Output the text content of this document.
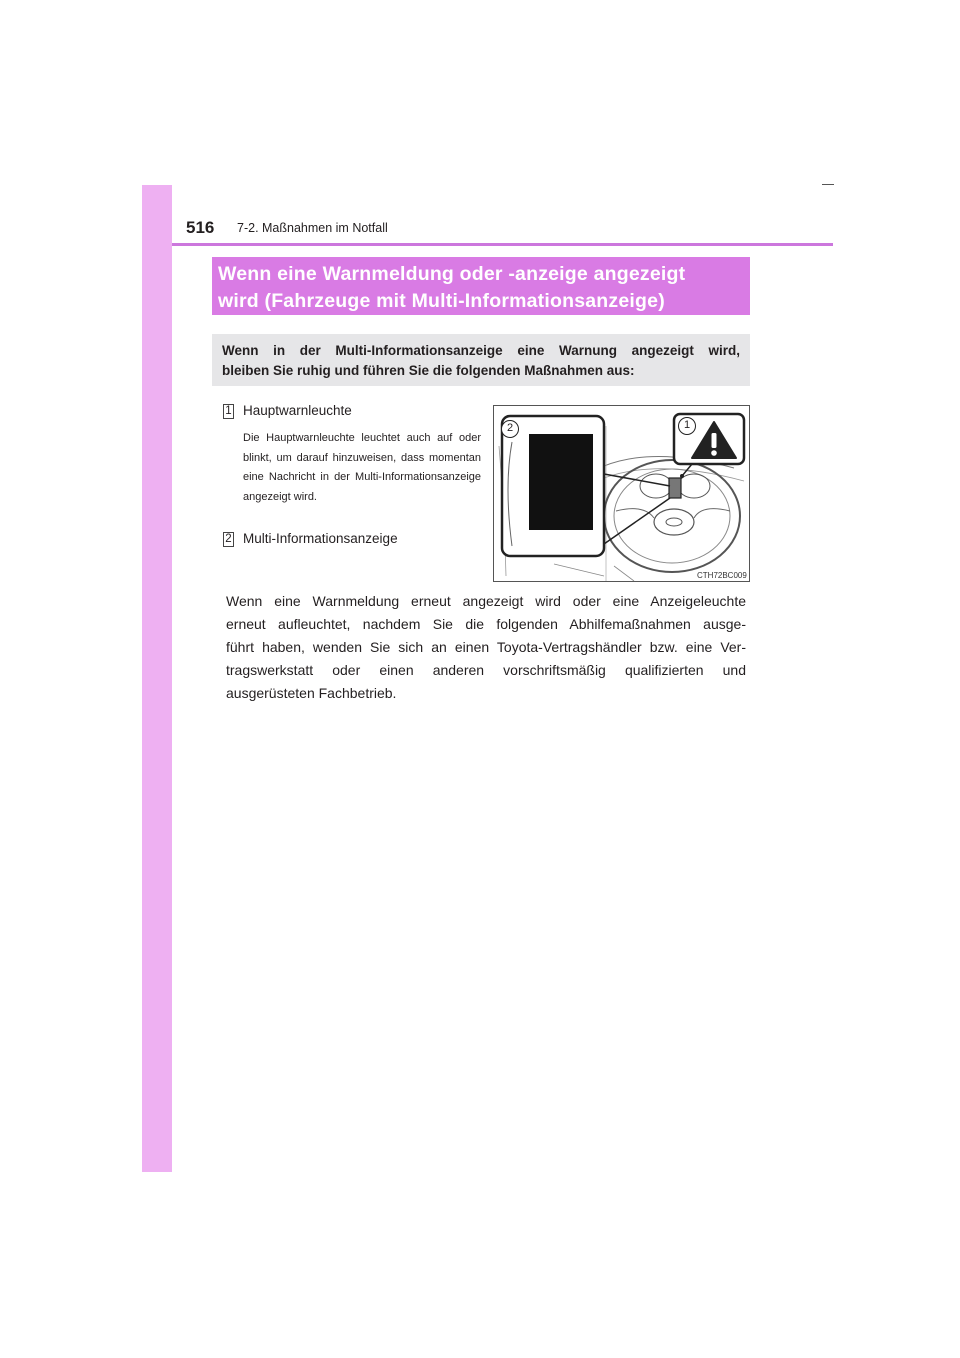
516 7-2. Maßnahmen im Notfall
Wenn eine Warnmeldung oder -anzeige angezeigt
wird (Fahrzeuge mit Multi-Informationsanzeige)
Wenn in der Multi-Informationsanzeige eine Warnung angezeigt wird,
bleiben Sie ruhig und führen Sie die folgenden Maßnahmen aus:
1 Hauptwarnleuchte
Die Hauptwarnleuchte leuchtet auch auf oder blinkt, um darauf hinzuweisen, dass momentan eine Nachricht in der Multi-Informationsanzeige angezeigt wird.
2 Multi-Informationsanzeige
2	1
CTH72BC009
Wenn eine Warnmeldung erneut angezeigt wird oder eine Anzeigeleuchte
erneut aufleuchtet, nachdem Sie die folgenden Abhilfemaßnahmen ausge-
führt haben, wenden Sie sich an einen Toyota-Vertragshändler bzw. eine Ver-
tragswerkstatt oder einen anderen vorschriftsmäßig qualifizierten und
ausgerüsteten Fachbetrieb.
